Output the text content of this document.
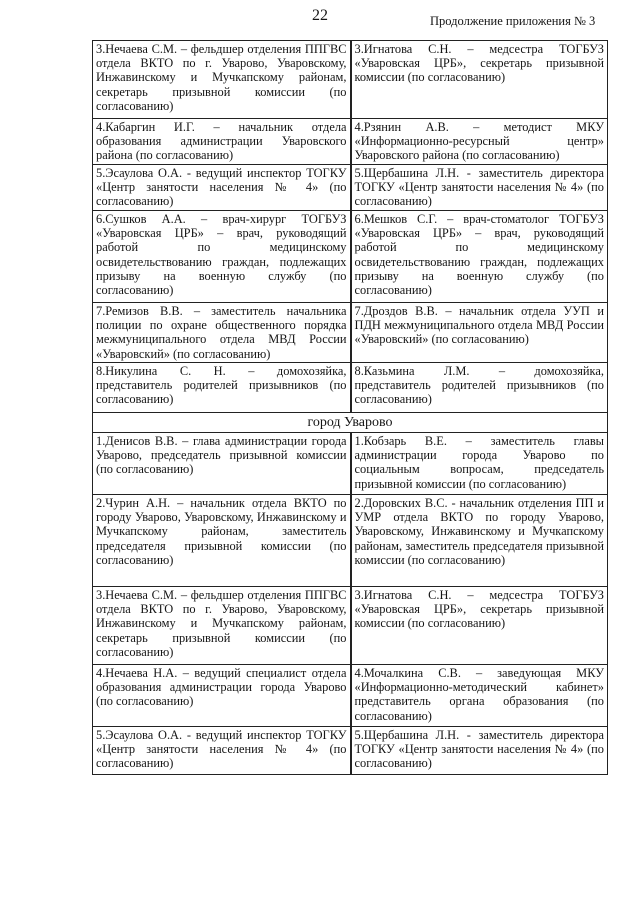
22	Продолжение приложения № 3
3.Нечаева С.М. – фельдшер отделения ППГВС отдела ВКТО по г. Уварово, Уваровскому, Инжавинскому и Мучкапскому районам, секретарь призывной комиссии (по согласованию)	3.Игнатова С.Н. – медсестра ТОГБУЗ «Уваровская ЦРБ», секретарь призывной комиссии (по согласованию)
4.Кабаргин И.Г. – начальник отдела образования администрации Уваровского района (по согласованию)	4.Рзянин А.В. – методист МКУ «Информационно-ресурсный центр» Уваровского района (по согласованию)
5.Эсаулова О.А. - ведущий инспектор ТОГКУ «Центр занятости населения № 4» (по согласованию)	5.Щербашина Л.Н. - заместитель директора ТОГКУ «Центр занятости населения № 4» (по согласованию)
6.Сушков А.А. – врач-хирург ТОГБУЗ «Уваровская ЦРБ» – врач, руководящий работой по медицинскому освидетельствованию граждан, подлежащих призыву на военную службу (по согласованию)	6.Мешков С.Г. – врач-стоматолог ТОГБУЗ «Уваровская ЦРБ» – врач, руководящий работой по медицинскому освидетельствованию граждан, подлежащих призыву на военную службу (по согласованию)
7.Ремизов В.В. – заместитель начальника полиции по охране общественного порядка межмуниципального отдела МВД России «Уваровский» (по согласованию)	7.Дроздов В.В. – начальник отдела УУП и ПДН межмуниципального отдела МВД России «Уваровский» (по согласованию)
8.Никулина С. Н. – домохозяйка, представитель родителей призывников (по согласованию)	8.Казьмина Л.М. – домохозяйка, представитель родителей призывников (по согласованию)
город Уварово	
1.Денисов В.В. – глава администрации города Уварово, председатель призывной комиссии (по согласованию)	1.Кобзарь В.Е. – заместитель главы администрации города Уварово по социальным вопросам, председатель призывной комиссии (по согласованию)
2.Чурин А.Н. – начальник отдела ВКТО по городу Уварово, Уваровскому, Инжавинскому и Мучкапскому районам, заместитель председателя призывной комиссии (по согласованию)	2.Доровских В.С. - начальник отделения ПП и УМР отдела ВКТО по городу Уварово, Уваровскому, Инжавинскому и Мучкапскому районам, заместитель председателя призывной комиссии (по согласованию)
3.Нечаева С.М. – фельдшер отделения ППГВС отдела ВКТО по г. Уварово, Уваровскому, Инжавинскому и Мучкапскому районам, секретарь призывной комиссии (по согласованию)	3.Игнатова С.Н. – медсестра ТОГБУЗ «Уваровская ЦРБ», секретарь призывной комиссии (по согласованию)
4.Нечаева Н.А. – ведущий специалист отдела образования администрации города Уварово (по согласованию)	4.Мочалкина С.В. – заведующая МКУ «Информационно-методический кабинет» представитель органа образования (по согласованию)
5.Эсаулова О.А. - ведущий инспектор ТОГКУ «Центр занятости населения № 4» (по согласованию)	5.Щербашина Л.Н. - заместитель директора ТОГКУ «Центр занятости населения № 4» (по согласованию)
